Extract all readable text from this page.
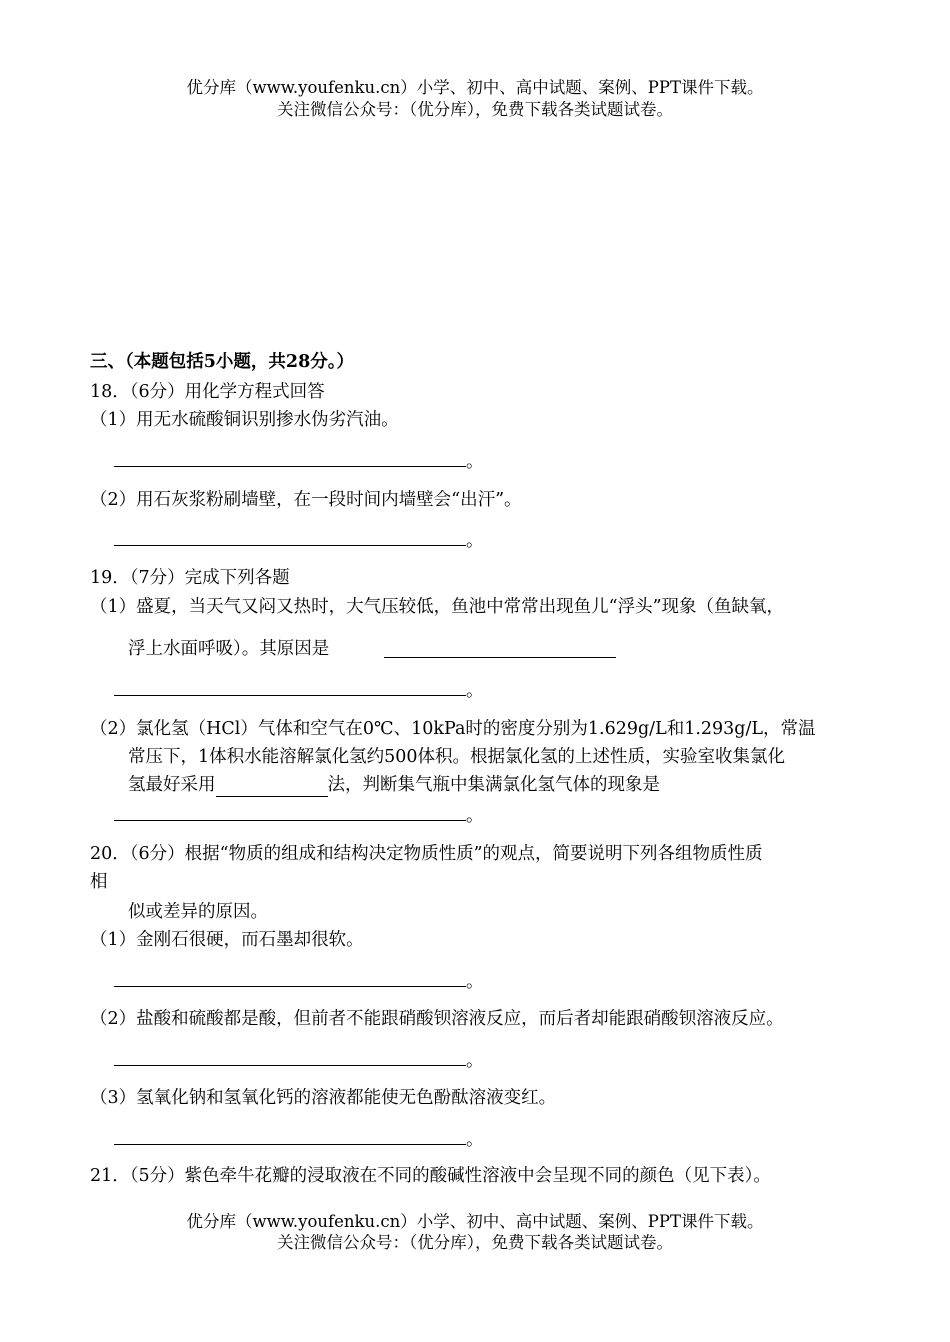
优分库（www.youfenku.cn）小学、初中、高中试题、案例、PPT课件下载。
关注微信公众号：（优分库），免费下载各类试题试卷。
三、（本题包括5小题，共28分。）
18．（6分）用化学方程式回答
（1）用无水硫酸铜识别掺水伪劣汽油。
。
（2）用石灰浆粉刷墙壁，在一段时间内墙壁会“出汗”。
。
19．（7分）完成下列各题
（1）盛夏，当天气又闷又热时，大气压较低，鱼池中常常出现鱼儿“浮头”现象（鱼缺氧，
浮上水面呼吸）。其原因是
。
（2）氯化氢（HCl）气体和空气在0℃、10kPa时的密度分别为1.629g/L和1.293g/L，常温
常压下，1体积水能溶解氯化氢约500体积。根据氯化氢的上述性质，实验室收集氯化
氢最好采用	法，判断集气瓶中集满氯化氢气体的现象是
。
20．（6分）根据“物质的组成和结构决定物质性质”的观点，简要说明下列各组物质性质
相
似或差异的原因。
（1）金刚石很硬，而石墨却很软。
。
（2）盐酸和硫酸都是酸，但前者不能跟硝酸钡溶液反应，而后者却能跟硝酸钡溶液反应。
。
（3）氢氧化钠和氢氧化钙的溶液都能使无色酚酞溶液变红。
。
21．（5分）紫色牵牛花瓣的浸取液在不同的酸碱性溶液中会呈现不同的颜色（见下表）。
优分库（www.youfenku.cn）小学、初中、高中试题、案例、PPT课件下载。
关注微信公众号：（优分库），免费下载各类试题试卷。
